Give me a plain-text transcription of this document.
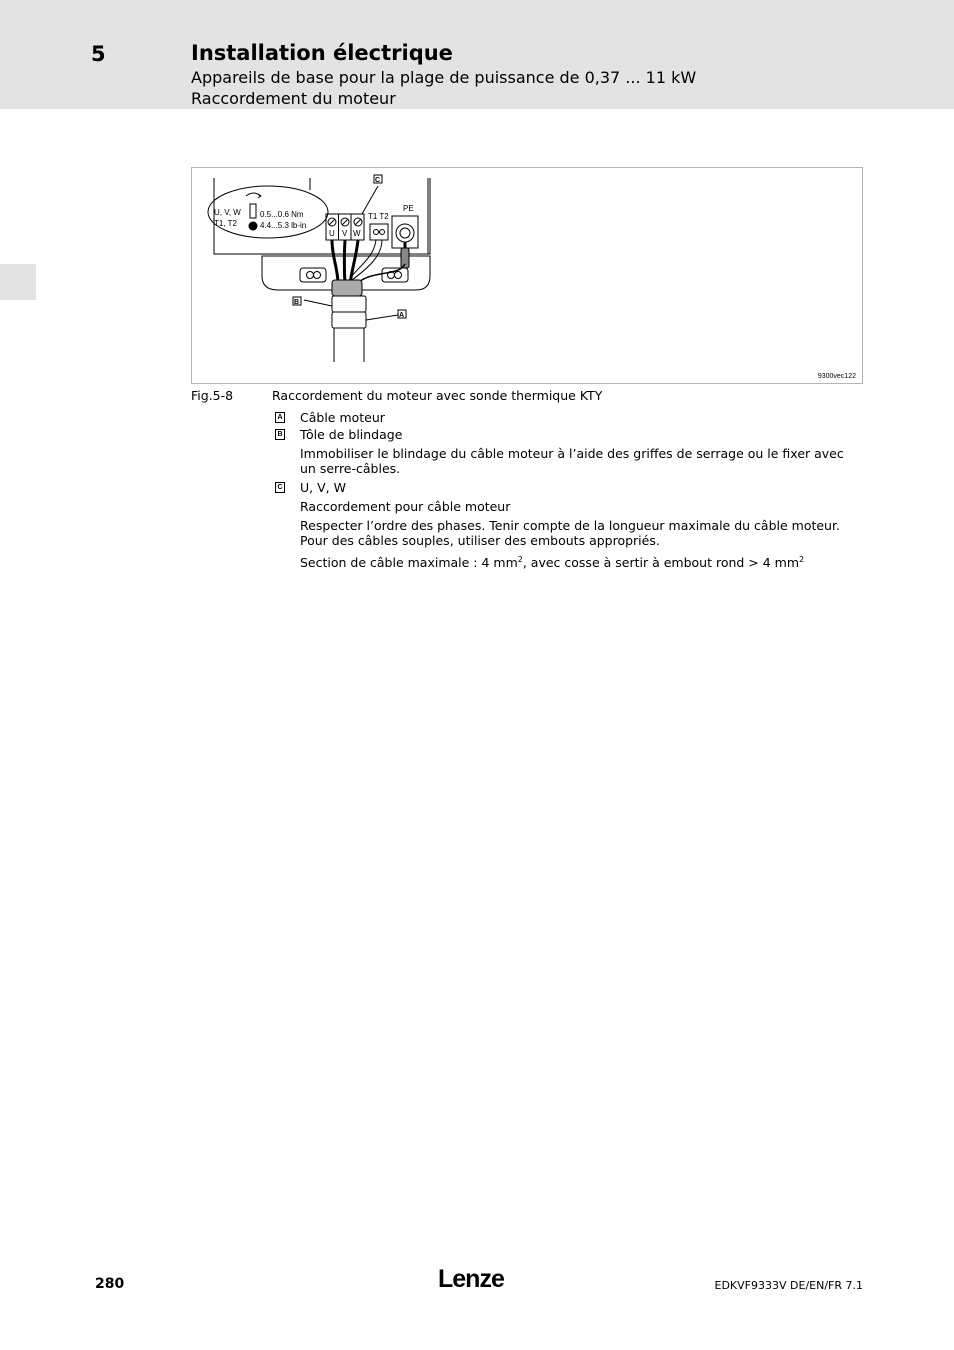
5	Installation électrique
Appareils de base pour la plage de puissance de 0,37 ... 11 kW
Raccordement du moteur
C
B
A
U, V, W
T1, T2
0.5...0.6 Nm
4.4...5.3 lb-in
U V W
T1 T2
PE
9300vec122
Fig.5-8	Raccordement du moteur avec sonde thermique KTY
A Câble moteur
B Tôle de blindage
Immobiliser le blindage du câble moteur à l’aide des griffes de serrage ou le fixer avec un serre-câbles.
C U, V, W
Raccordement pour câble moteur
Respecter l’ordre des phases. Tenir compte de la longueur maximale du câble moteur. Pour des câbles souples, utiliser des embouts appropriés.
Section de câble maximale : 4 $mm^2$, avec cosse à sertir à embout rond > 4 $mm^2$
280	Lenze	EDKVF9333V DE/EN/FR 7.1
